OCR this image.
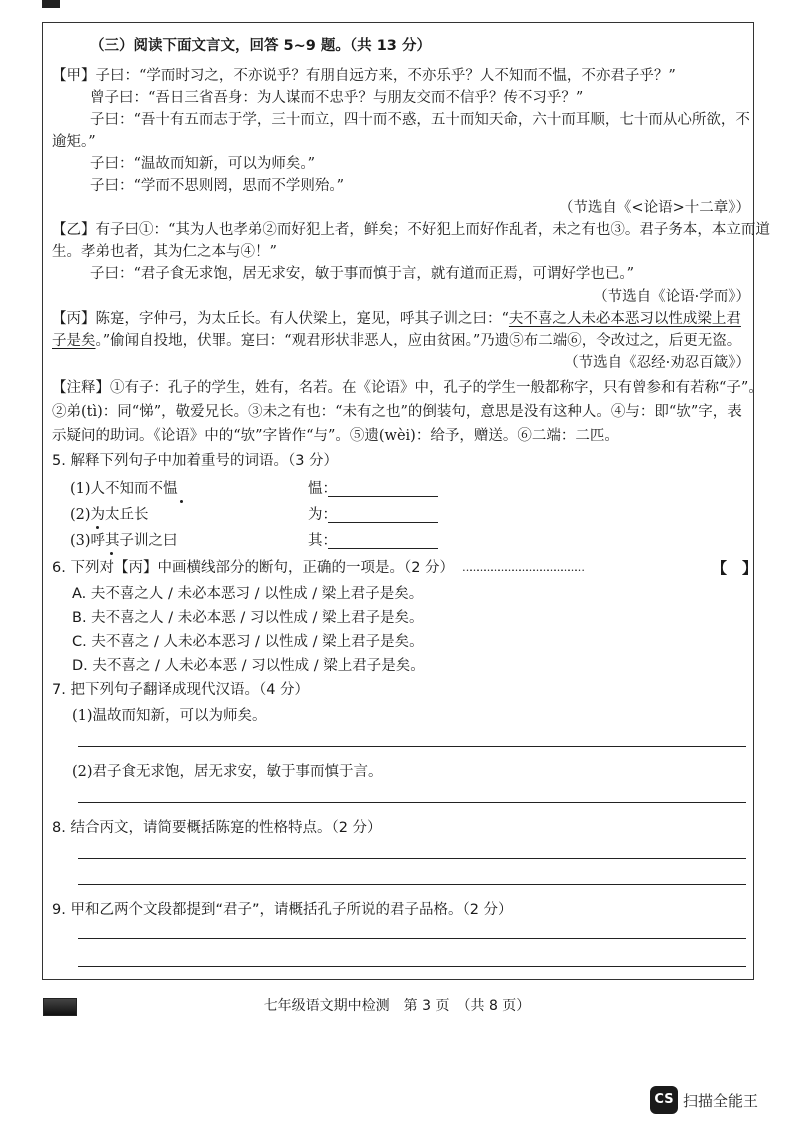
（三）阅读下面文言文，回答 5~9 题。（共 13 分）
【甲】子曰：“学而时习之，不亦说乎？有朋自远方来，不亦乐乎？人不知而不愠，不亦君子乎？”
曾子曰：“吾日三省吾身：为人谋而不忠乎？与朋友交而不信乎？传不习乎？”
子曰：“吾十有五而志于学，三十而立，四十而不惑，五十而知天命，六十而耳顺，七十而从心所欲，不
逾矩。”
子曰：“温故而知新，可以为师矣。”
子曰：“学而不思则罔，思而不学则殆。”
（节选自《<论语>十二章》）
【乙】有子曰①：“其为人也孝弟②而好犯上者，鲜矣；不好犯上而好作乱者，未之有也③。君子务本，本立而道
生。孝弟也者，其为仁之本与④！”
子曰：“君子食无求饱，居无求安，敏于事而慎于言，就有道而正焉，可谓好学也已。”
（节选自《论语·学而》）
【丙】陈寔，字仲弓，为太丘长。有人伏梁上，寔见，呼其子训之曰：“夫不喜之人未必本恶习以性成梁上君
子是矣。”偷闻自投地，伏罪。寔曰：“观君形状非恶人，应由贫困。”乃遗⑤布二端⑥，令改过之，后更无盗。
（节选自《忍经·劝忍百箴》）
【注释】①有子：孔子的学生，姓有，名若。在《论语》中，孔子的学生一般都称字，只有曾参和有若称“子”。
②弟(tì)：同“悌”，敬爱兄长。③未之有也：“未有之也”的倒装句，意思是没有这种人。④与：即“欤”字，表
示疑问的助词。《论语》中的“欤”字皆作“与”。⑤遗(wèi)：给予，赠送。⑥二端：二匹。
5. 解释下列句子中加着重号的词语。（3 分）
(1)人不知而不愠	愠：
(2)为太丘长	为：
(3)呼其子训之曰	其：
6. 下列对【丙】中画横线部分的断句，正确的一项是。（2 分） ……………………………………………	【　】
A. 夫不喜之人 / 未必本恶习 / 以性成 / 梁上君子是矣。
B. 夫不喜之人 / 未必本恶 / 习以性成 / 梁上君子是矣。
C. 夫不喜之 / 人未必本恶习 / 以性成 / 梁上君子是矣。
D. 夫不喜之 / 人未必本恶 / 习以性成 / 梁上君子是矣。
7. 把下列句子翻译成现代汉语。（4 分）
(1)温故而知新，可以为师矣。
(2)君子食无求饱，居无求安，敏于事而慎于言。
8. 结合丙文，请简要概括陈寔的性格特点。（2 分）
9. 甲和乙两个文段都提到“君子”，请概括孔子所说的君子品格。（2 分）
七年级语文期中检测　第 3 页　（共 8 页）
CS 扫描全能王
